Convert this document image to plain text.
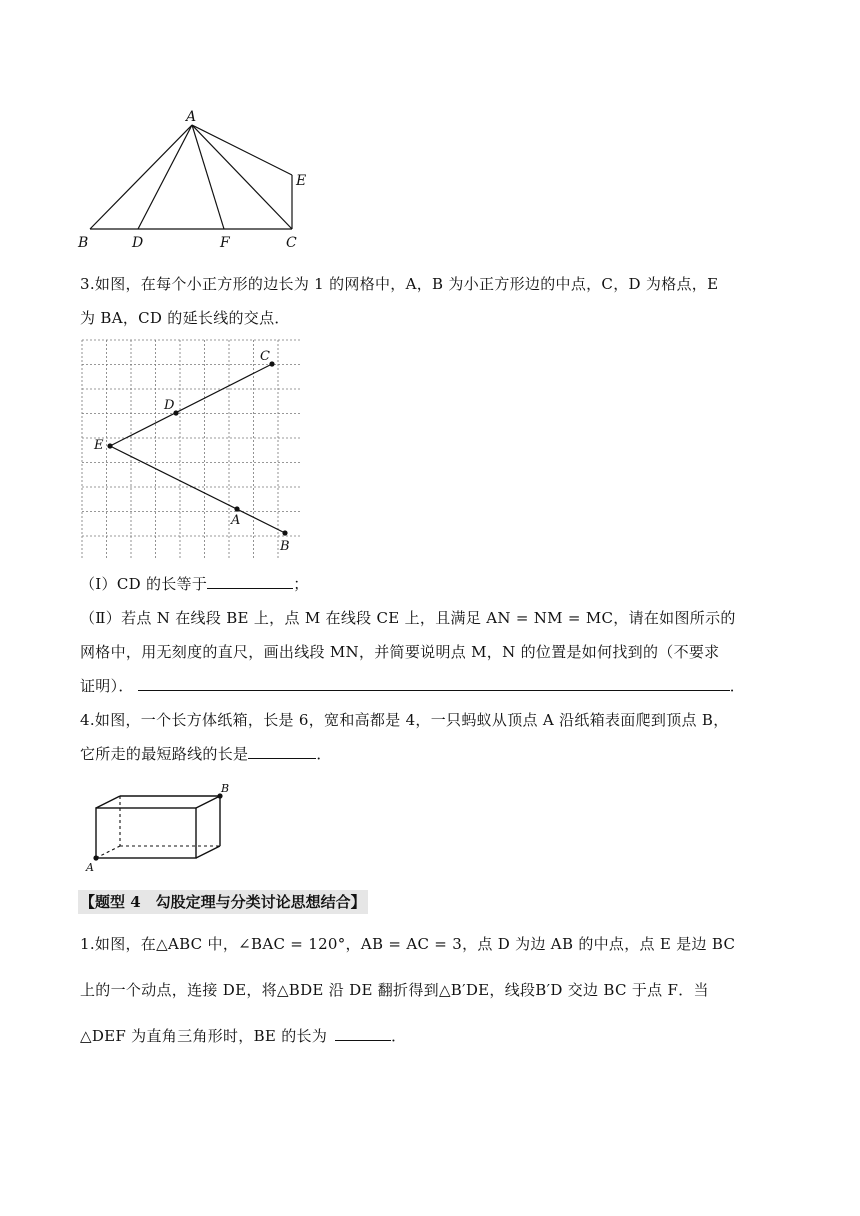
A
B	D	F	C
E
3.如图，在每个小正方形的边长为 1 的网格中，A，B 为小正方形边的中点，C，D 为格点，E
为 BA，CD 的延长线的交点．
C
D
E
A
B
（Ⅰ）CD 的长等于	；
（Ⅱ）若点 N 在线段 BE 上，点 M 在线段 CE 上，且满足 AN = NM = MC，请在如图所示的
网格中，用无刻度的直尺，画出线段 MN，并简要说明点 M，N 的位置是如何找到的（不要求
证明）．	．
4.如图，一个长方体纸箱，长是 6，宽和高都是 4，一只蚂蚁从顶点 A 沿纸箱表面爬到顶点 B，
它所走的最短路线的长是	．
A
B
【题型 4　勾股定理与分类讨论思想结合】
1.如图，在△ABC 中，∠BAC = 120°，AB = AC = 3，点 D 为边 AB 的中点，点 E 是边 BC
上的一个动点，连接 DE，将△BDE 沿 DE 翻折得到△B′DE，线段B′D 交边 BC 于点 F．当
△DEF 为直角三角形时，BE 的长为	．
